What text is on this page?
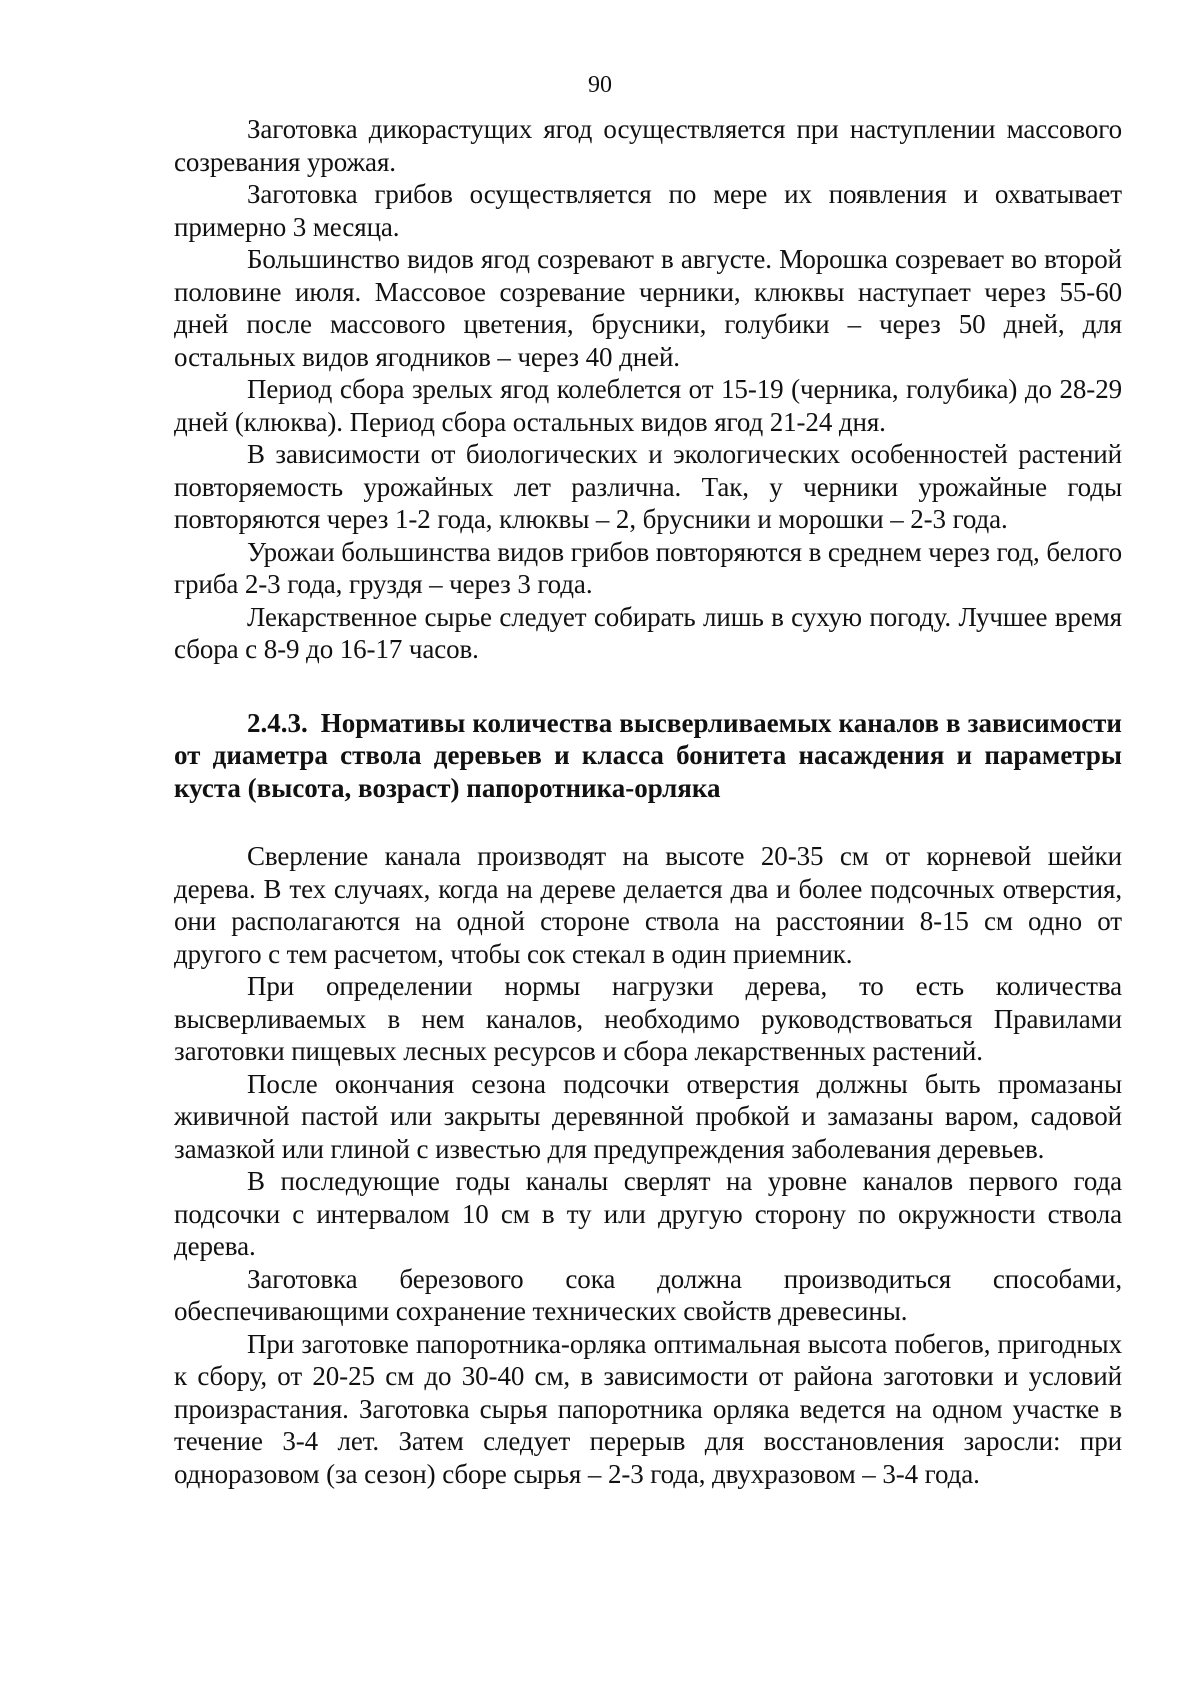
90

Заготовка дикорастущих ягод осуществляется при наступлении массового созревания урожая.

Заготовка грибов осуществляется по мере их появления и охватывает примерно 3 месяца.

Большинство видов ягод созревают в августе. Морошка созревает во второй половине июля. Массовое созревание черники, клюквы наступает через 55-60 дней после массового цветения, брусники, голубики – через 50 дней, для остальных видов ягодников – через 40 дней.

Период сбора зрелых ягод колеблется от 15-19 (черника, голубика) до 28-29 дней (клюква). Период сбора остальных видов ягод 21-24 дня.

В зависимости от биологических и экологических особенностей растений повторяемость урожайных лет различна. Так, у черники урожайные годы повторяются через 1-2 года, клюквы – 2, брусники и морошки – 2-3 года.

Урожаи большинства видов грибов повторяются в среднем через год, белого гриба 2-3 года, груздя – через 3 года.

Лекарственное сырье следует собирать лишь в сухую погоду. Лучшее время сбора с 8-9 до 16-17 часов.

2.4.3. Нормативы количества высверливаемых каналов в зависимости от диаметра ствола деревьев и класса бонитета насаждения и параметры куста (высота, возраст) папоротника-орляка

Сверление канала производят на высоте 20-35 см от корневой шейки дерева. В тех случаях, когда на дереве делается два и более подсочных отверстия, они располагаются на одной стороне ствола на расстоянии 8-15 см одно от другого с тем расчетом, чтобы сок стекал в один приемник.

При определении нормы нагрузки дерева, то есть количества высверливаемых в нем каналов, необходимо руководствоваться Правилами заготовки пищевых лесных ресурсов и сбора лекарственных растений.

После окончания сезона подсочки отверстия должны быть промазаны живичной пастой или закрыты деревянной пробкой и замазаны варом, садовой замазкой или глиной с известью для предупреждения заболевания деревьев.

В последующие годы каналы сверлят на уровне каналов первого года подсочки с интервалом 10 см в ту или другую сторону по окружности ствола дерева.

Заготовка березового сока должна производиться способами, обеспечивающими сохранение технических свойств древесины.

При заготовке папоротника-орляка оптимальная высота побегов, пригодных к сбору, от 20-25 см до 30-40 см, в зависимости от района заготовки и условий произрастания. Заготовка сырья папоротника орляка ведется на одном участке в течение 3-4 лет. Затем следует перерыв для восстановления заросли: при одноразовом (за сезон) сборе сырья – 2-3 года, двухразовом – 3-4 года.
